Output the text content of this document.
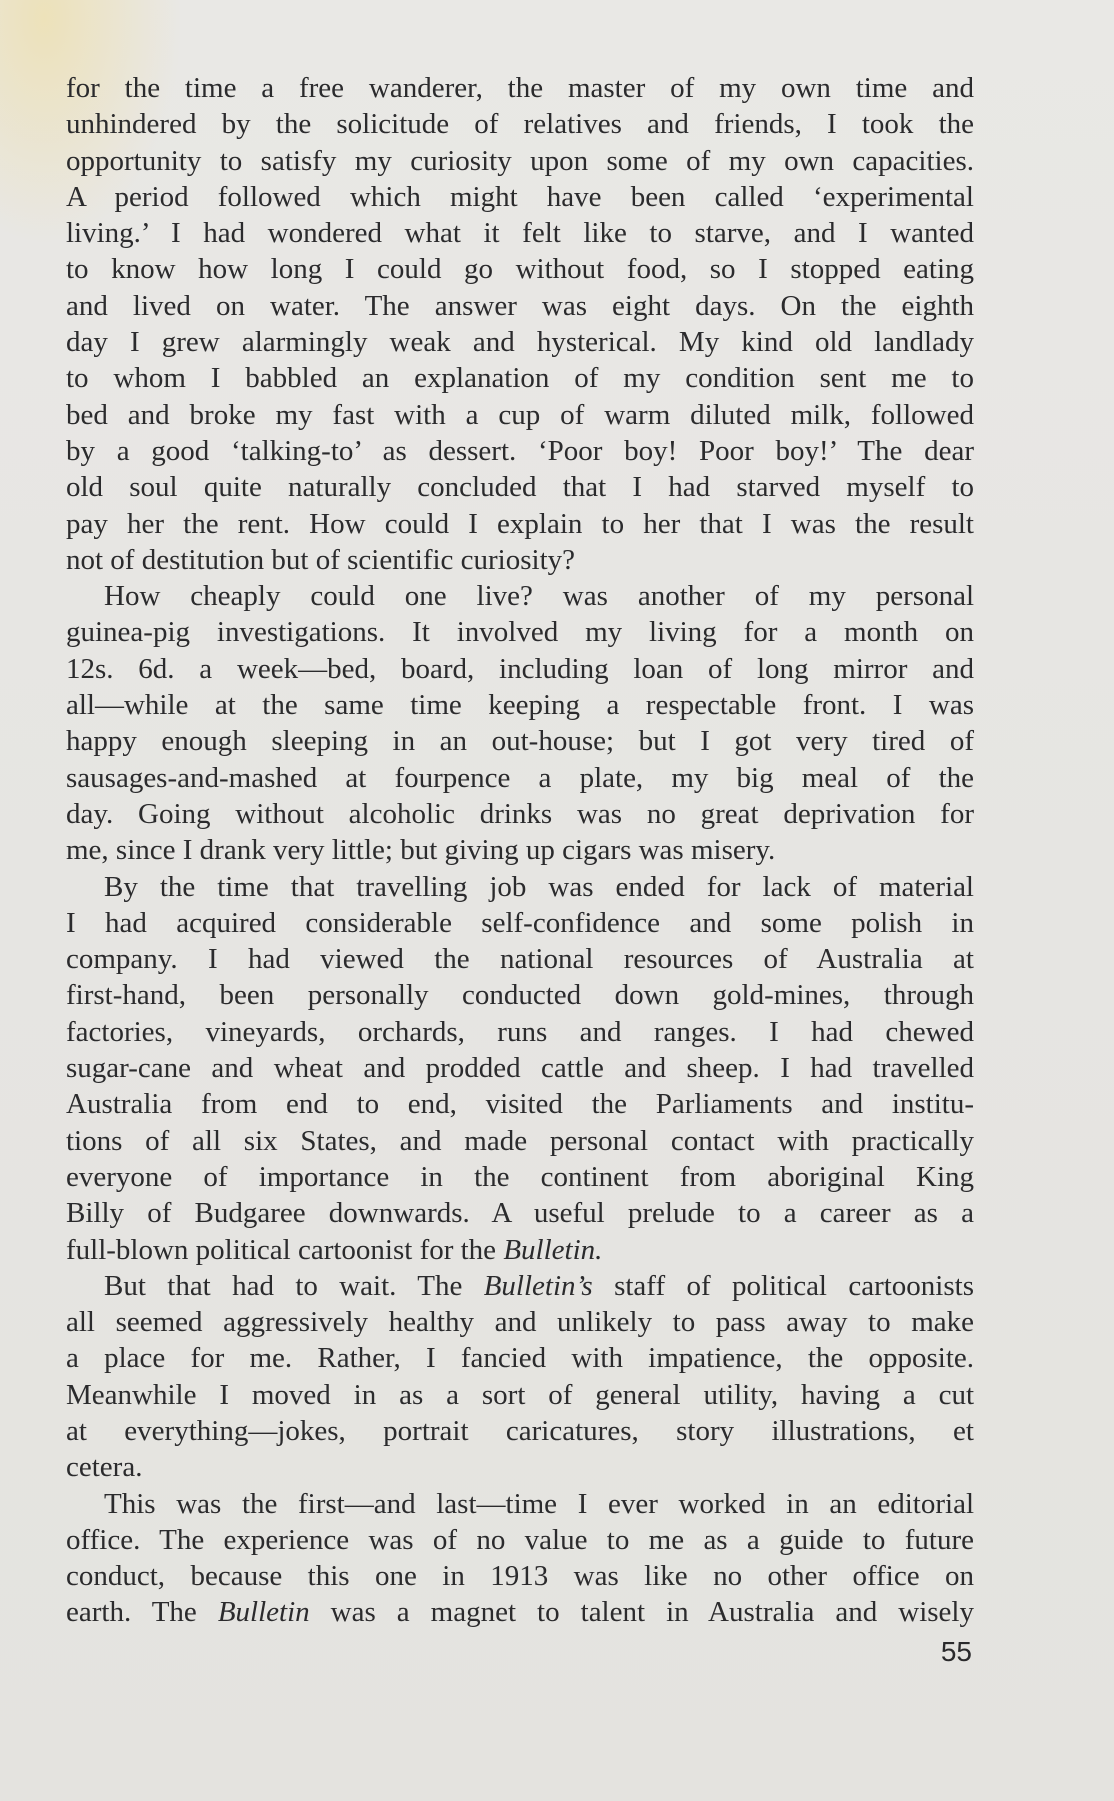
for the time a free wanderer, the master of my own time and
unhindered by the solicitude of relatives and friends, I took the
opportunity to satisfy my curiosity upon some of my own capacities.
A period followed which might have been called ‘experimental
living.’ I had wondered what it felt like to starve, and I wanted
to know how long I could go without food, so I stopped eating
and lived on water. The answer was eight days. On the eighth
day I grew alarmingly weak and hysterical. My kind old landlady
to whom I babbled an explanation of my condition sent me to
bed and broke my fast with a cup of warm diluted milk, followed
by a good ‘talking-to’ as dessert. ‘Poor boy! Poor boy!’ The dear
old soul quite naturally concluded that I had starved myself to
pay her the rent. How could I explain to her that I was the result
not of destitution but of scientific curiosity?
How cheaply could one live? was another of my personal
guinea-pig investigations. It involved my living for a month on
12s. 6d. a week—bed, board, including loan of long mirror and
all—while at the same time keeping a respectable front. I was
happy enough sleeping in an out-house; but I got very tired of
sausages-and-mashed at fourpence a plate, my big meal of the
day. Going without alcoholic drinks was no great deprivation for
me, since I drank very little; but giving up cigars was misery.
By the time that travelling job was ended for lack of material
I had acquired considerable self-confidence and some polish in
company. I had viewed the national resources of Australia at
first-hand, been personally conducted down gold-mines, through
factories, vineyards, orchards, runs and ranges. I had chewed
sugar-cane and wheat and prodded cattle and sheep. I had travelled
Australia from end to end, visited the Parliaments and institu-
tions of all six States, and made personal contact with practically
everyone of importance in the continent from aboriginal King
Billy of Budgaree downwards. A useful prelude to a career as a
full-blown political cartoonist for the Bulletin.
But that had to wait. The Bulletin’s staff of political cartoonists
all seemed aggressively healthy and unlikely to pass away to make
a place for me. Rather, I fancied with impatience, the opposite.
Meanwhile I moved in as a sort of general utility, having a cut
at everything—jokes, portrait caricatures, story illustrations, et
cetera.
This was the first—and last—time I ever worked in an editorial
office. The experience was of no value to me as a guide to future
conduct, because this one in 1913 was like no other office on
earth. The Bulletin was a magnet to talent in Australia and wisely
55
